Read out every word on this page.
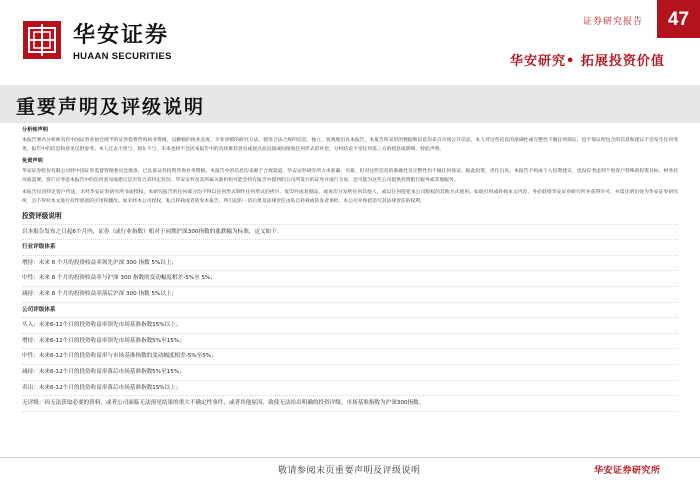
华安证券
HUAAN SECURITIES
证券研究报告	47
华安研究• 拓展投资价值
重要声明及评级说明

分析师声明

本报告署名分析师具有中国证券业协会授予的证券投资咨询执业资格，以勤勉的执业态度、专业审慎的研究方法，使用合法合规的信息，独立、客观地出具本报告，本报告所采用的数据和信息均来自市场公开信息，本人对这些信息的准确性或完整性不做任何保证，也不保证所包含的信息和建议不会发生任何变更。报告中的信息和意见仅供参考。本人过去不曾与、现在不与、未来也将不会因本报告中的具体推荐意见或观点而直接或间接收任何形式的补偿，分析结论不受任何第三方的授意或影响，特此声明。

免责声明

华安证券股份有限公司经中国证券监督管理委员会批准，已具备证券投资咨询业务资格。本报告中的信息均来源于合规渠道，华安证券研究所力求准确、可靠，但对这些信息的准确性及完整性均不做任何保证，据此投资，责任自负。本报告不构成个人投资建议，也没有考虑到个别客户特殊的投资目标、财务状况或需要。客户应考虑本报告中的任何意见或建议是否符合其特定状况。华安证券及其所属关联机构可能会持有报告中提到的公司所发行的证券并进行交易，还可能为这些公司提供投资银行服务或其他服务。

本报告仅向特定客户传送，未经华安证券研究所书面授权，本研究报告的任何部分均不得以任何形式制作任何形式的拷贝、复印件或复制品，或再次分发给任何其他人，或以任何侵犯本公司版权的其他方式使用。如欲引用或转载本文内容，务必联络华安证券研究所并获得许可，并需注明出处为华安证券研究所，且不得对本文进行有悖原意的引用和删改。如未经本公司授权，私自转载或者转发本报告，所引起的一切后果及法律责任由私自转载或转发者承担。本公司并保留追究其法律责任的权利。

投资评级说明
以本报告发布之日起6个月内，证券（或行业指数）相对于同期沪深300指数的涨跌幅为标准，定义如下：
行业评级体系
增持：未来 6 个月的投资收益率领先沪深 300 指数 5%以上；
中性：未来 6 个月的投资收益率与沪深 300 指数的变动幅度相差-5%至 5%；
减持：未来 6 个月的投资收益率落后沪深 300 指数 5%以上；
公司评级体系
买入：未来6-12个月的投资收益率领先市场基准指数15%以上；
增持：未来6-12个月的投资收益率领先市场基准指数5%至15%；
中性：未来6-12个月的投资收益率与市场基准指数的变动幅度相差-5%至5%；
减持：未来6-12个月的投资收益率落后市场基准指数5%至15%；
卖出：未来6-12个月的投资收益率落后市场基准指数15%以上；
无评级：因无法获取必要的资料，或者公司面临无法预见结果的重大不确定性事件，或者其他原因，致使无法给出明确的投资评级。市场基准指数为沪深300指数。
敬请参阅末页重要声明及评级说明	华安证券研究所
